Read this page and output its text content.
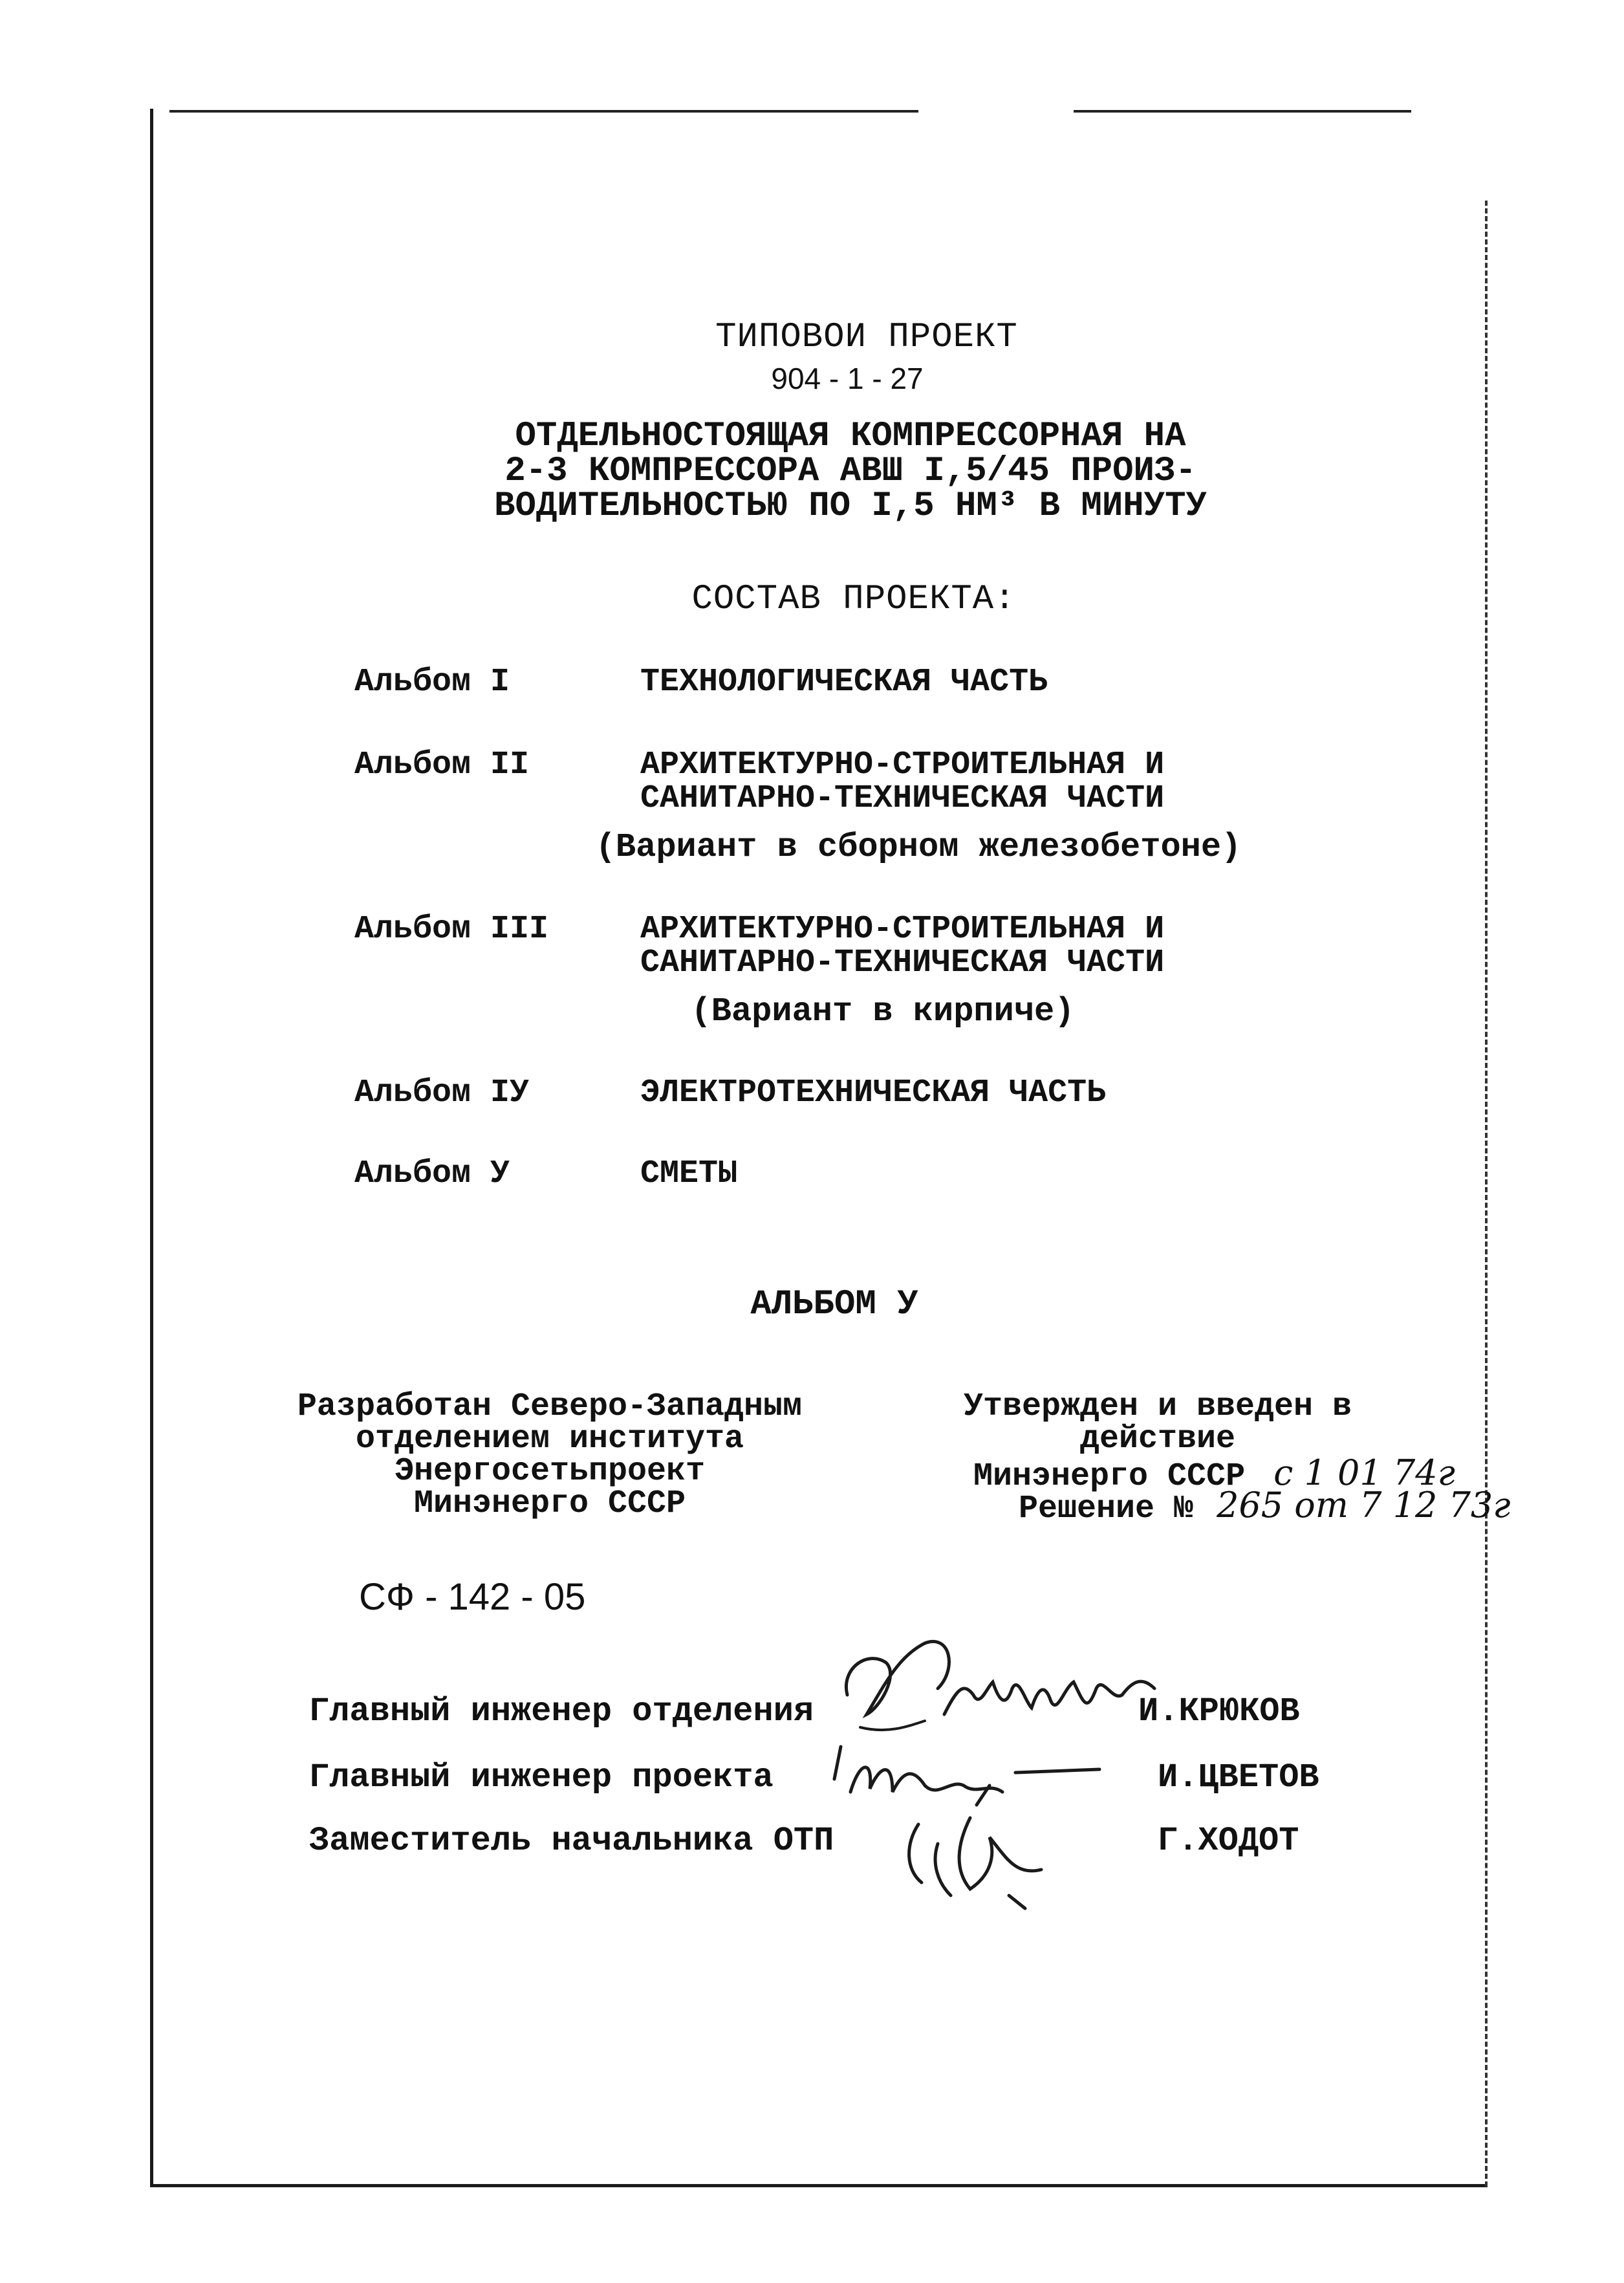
ТИПОВОИ ПРОЕКТ
904 - 1 - 27
ОТДЕЛЬНОСТОЯЩАЯ КОМПРЕССОРНАЯ НА
2-3 КОМПРЕССОРА АВШ I,5/45 ПРОИЗ-
ВОДИТЕЛЬНОСТЬЮ ПО I,5 НМ³ В МИНУТУ
СОСТАВ ПРОЕКТА:
Альбом I	ТЕХНОЛОГИЧЕСКАЯ ЧАСТЬ
Альбом II	АРХИТЕКТУРНО-СТРОИТЕЛЬНАЯ И
САНИТАРНО-ТЕХНИЧЕСКАЯ ЧАСТИ
(Вариант в сборном железобетоне)
Альбом III	АРХИТЕКТУРНО-СТРОИТЕЛЬНАЯ И
САНИТАРНО-ТЕХНИЧЕСКАЯ ЧАСТИ
(Вариант в кирпиче)
Альбом IУ	ЭЛЕКТРОТЕХНИЧЕСКАЯ ЧАСТЬ
Альбом У	СМЕТЫ
АЛЬБОМ У
Разработан Северо-Западным
отделением института
Энергосетьпроект
Минэнерго СССР
Утвержден и введен в
действие
Минэнерго СССР с 1 01 74г
Решение № 265 от 7 12 73г
СФ - 142 - 05
Главный инженер отделения	И.КРЮКОВ
Главный инженер проекта	И.ЦВЕТОВ
Заместитель начальника ОТП	Г.ХОДОТ
